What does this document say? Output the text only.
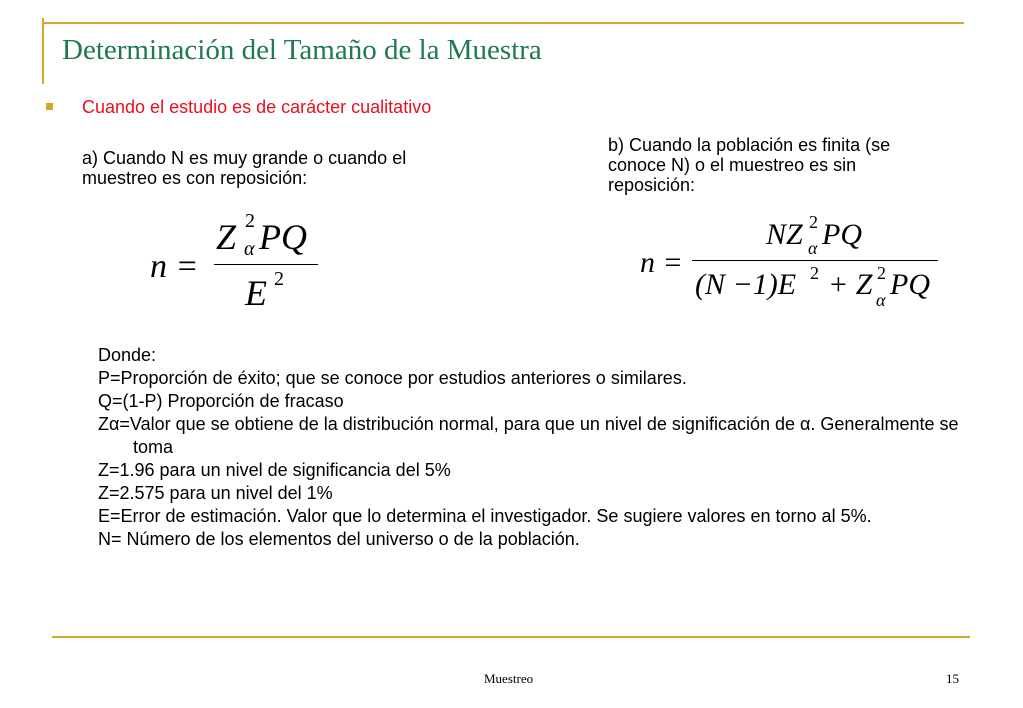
Determinación del Tamaño de la Muestra
Cuando el estudio es de carácter cualitativo
a) Cuando N es muy grande o cuando el muestreo es con reposición:
b) Cuando la población es finita (se conoce N) o el muestreo es sin reposición:
n =
Z 2
α PQ
E 2	n =
NZ 2
α PQ
(N −1)E 2 + Z 2
α PQ

Donde:

P=Proporción de éxito; que se conoce por estudios anteriores o similares.

Q=(1-P) Proporción de fracaso

Zα=Valor que se obtiene de la distribución normal, para que un nivel de significación de α. Generalmente se toma

Z=1.96 para un nivel de significancia del 5%

Z=2.575 para un nivel del 1%

E=Error de estimación. Valor que lo determina el investigador. Se sugiere valores en torno al 5%.

N= Número de los elementos del universo o de la población.

Muestreo	15
